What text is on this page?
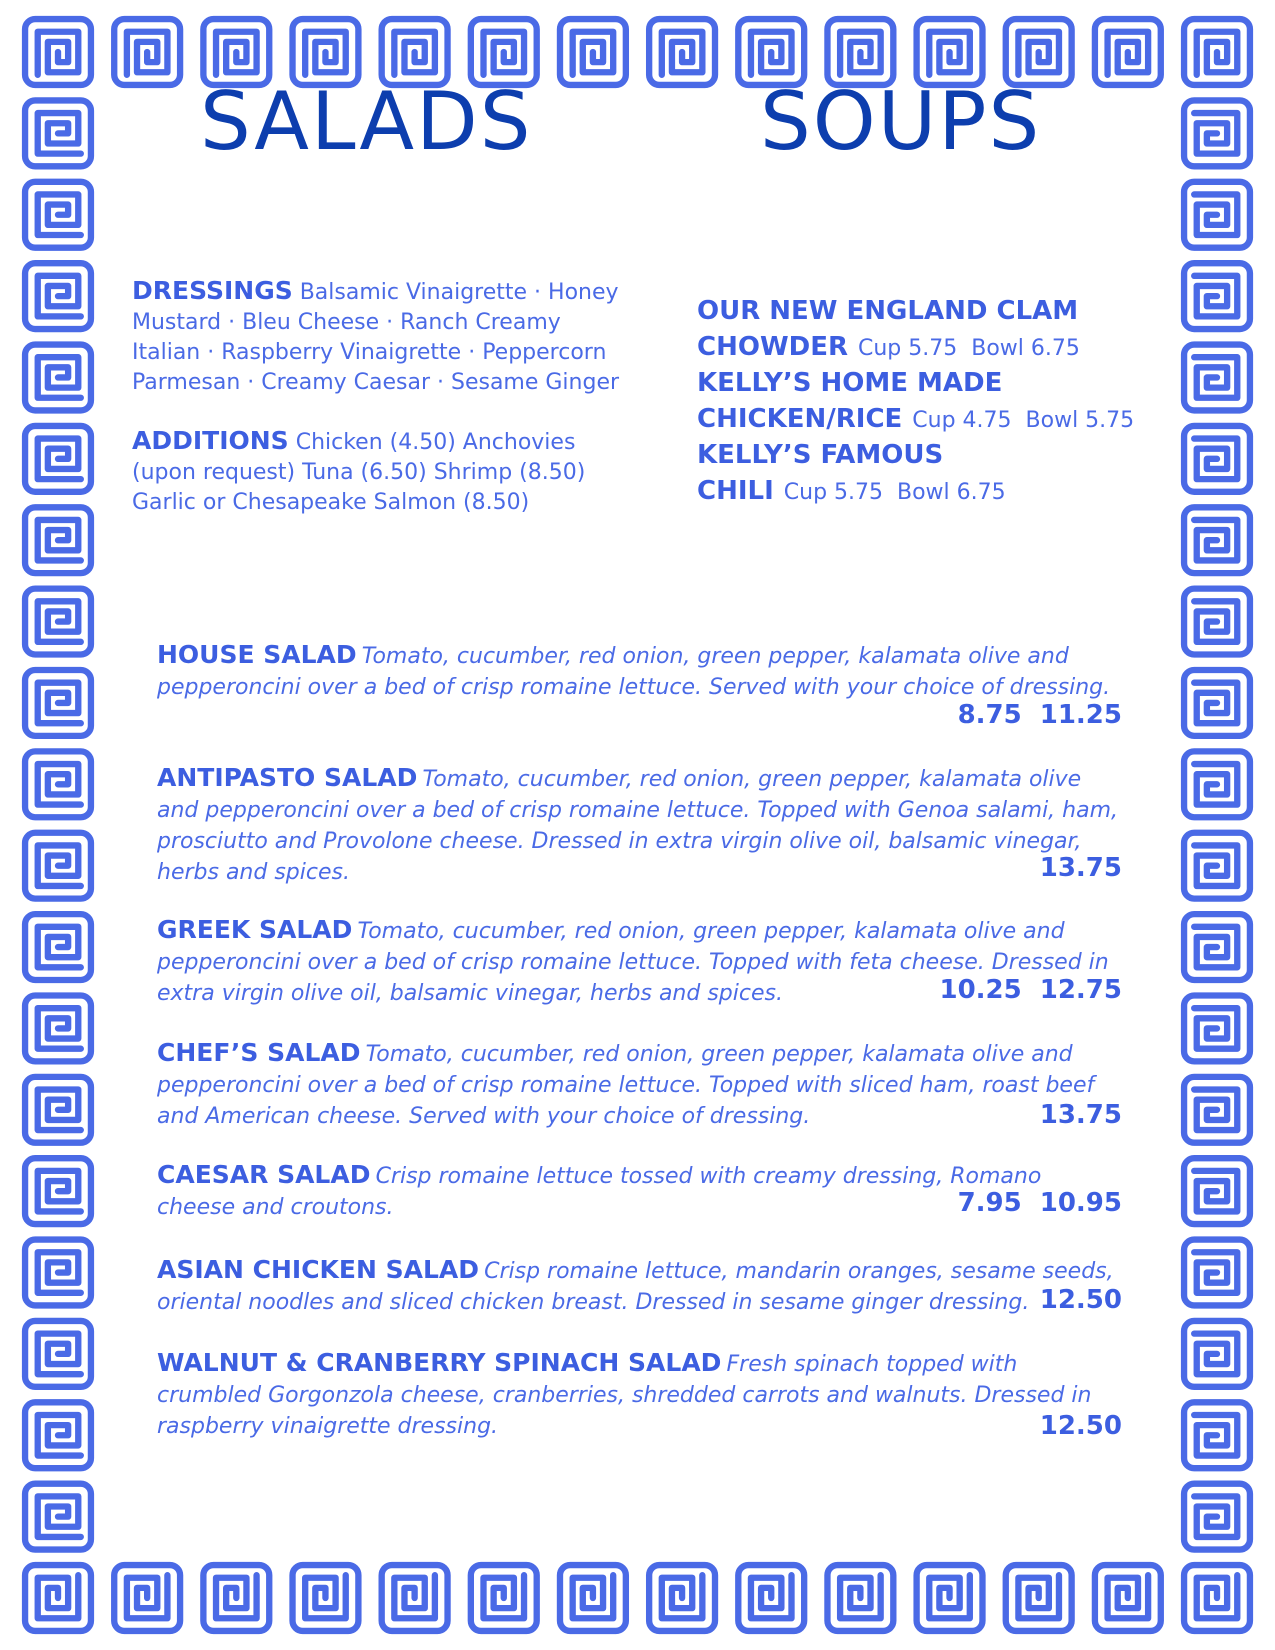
SALADS	SOUPS
DRESSINGS Balsamic Vinaigrette · Honey Mustard · Bleu Cheese · Ranch Creamy Italian · Raspberry Vinaigrette · Peppercorn Parmesan · Creamy Caesar · Sesame Ginger
ADDITIONS Chicken (4.50) Anchovies (upon request) Tuna (6.50) Shrimp (8.50) Garlic or Chesapeake Salmon (8.50)
OUR NEW ENGLAND CLAM CHOWDER Cup 5.75  Bowl 6.75
KELLY’S HOME MADE CHICKEN/RICE Cup 4.75  Bowl 5.75
KELLY’S FAMOUS CHILI Cup 5.75  Bowl 6.75
HOUSE SALAD Tomato, cucumber, red onion, green pepper, kalamata olive and pepperoncini over a bed of crisp romaine lettuce. Served with your choice of dressing.
8.75 11.25
ANTIPASTO SALAD Tomato, cucumber, red onion, green pepper, kalamata olive and pepperoncini over a bed of crisp romaine lettuce. Topped with Genoa salami, ham, prosciutto and Provolone cheese. Dressed in extra virgin olive oil, balsamic vinegar, herbs and spices.	13.75
GREEK SALAD Tomato, cucumber, red onion, green pepper, kalamata olive and pepperoncini over a bed of crisp romaine lettuce. Topped with feta cheese. Dressed in extra virgin olive oil, balsamic vinegar, herbs and spices.	10.25 12.75
CHEF’S SALAD Tomato, cucumber, red onion, green pepper, kalamata olive and pepperoncini over a bed of crisp romaine lettuce. Topped with sliced ham, roast beef and American cheese. Served with your choice of dressing.	13.75
CAESAR SALAD Crisp romaine lettuce tossed with creamy dressing, Romano cheese and croutons.	7.95 10.95
ASIAN CHICKEN SALAD Crisp romaine lettuce, mandarin oranges, sesame seeds, oriental noodles and sliced chicken breast. Dressed in sesame ginger dressing. 12.50
WALNUT & CRANBERRY SPINACH SALAD Fresh spinach topped with crumbled Gorgonzola cheese, cranberries, shredded carrots and walnuts. Dressed in raspberry vinaigrette dressing.	12.50
